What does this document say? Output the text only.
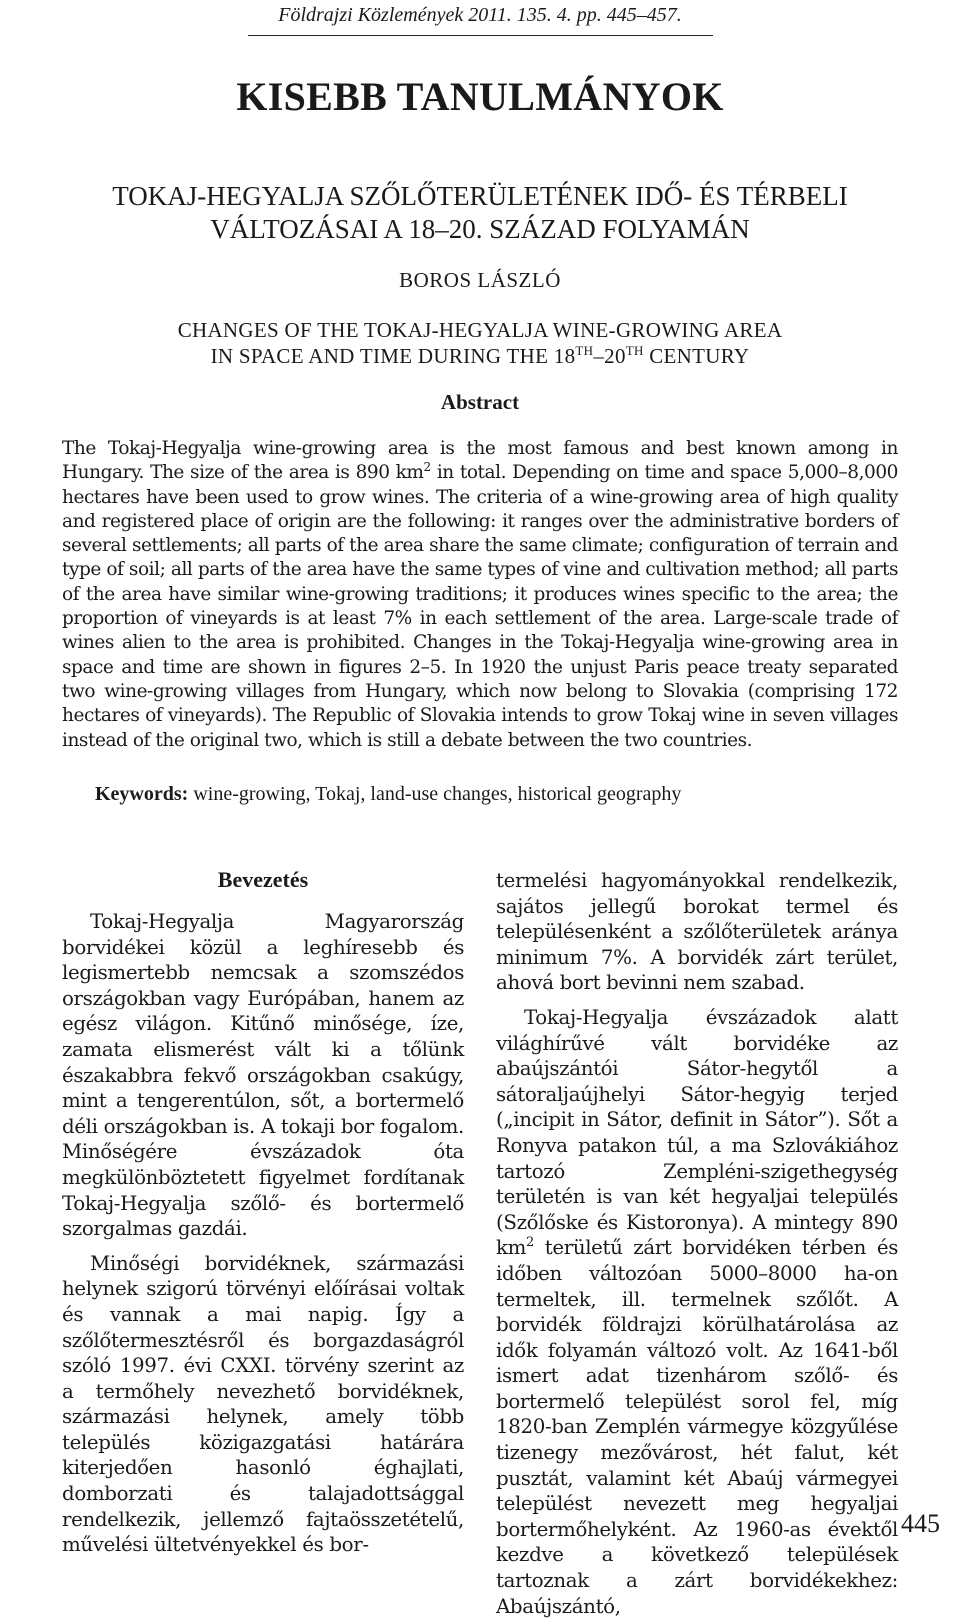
Földrajzi Közlemények 2011. 135. 4. pp. 445–457.
KISEBB TANULMÁNYOK
TOKAJ-HEGYALJA SZŐLŐTERÜLETÉNEK IDŐ- ÉS TÉRBELI
VÁLTOZÁSAI A 18–20. SZÁZAD FOLYAMÁN
BOROS LÁSZLÓ
CHANGES OF THE TOKAJ-HEGYALJA WINE-GROWING AREA
IN SPACE AND TIME DURING THE 18TH–20TH CENTURY
Abstract
The Tokaj-Hegyalja wine-growing area is the most famous and best known among in Hungary. The size of the area is 890 $km^2$ in total. Depending on time and space 5,000–8,000 hectares have been used to grow wines. The criteria of a wine-growing area of high quality and registered place of origin are the following: it ranges over the administrative borders of several settlements; all parts of the area share the same climate; configuration of terrain and type of soil; all parts of the area have the same types of vine and cultivation method; all parts of the area have similar wine-growing traditions; it produces wines specific to the area; the proportion of vineyards is at least 7% in each settlement of the area. Large-scale trade of wines alien to the area is prohibited. Changes in the Tokaj-Hegyalja wine-growing area in space and time are shown in figures 2–5. In 1920 the unjust Paris peace treaty separated two wine-growing villages from Hungary, which now belong to Slovakia (comprising 172 hectares of vineyards). The Republic of Slovakia intends to grow Tokaj wine in seven villages instead of the original two, which is still a debate between the two countries.
Keywords: wine-growing, Tokaj, land-use changes, historical geography
Bevezetés

Tokaj-Hegyalja Magyarország borvidékei közül a leghíresebb és legismertebb nemcsak a szomszédos országokban vagy Európában, hanem az egész világon. Kitűnő minősége, íze, zamata elismerést vált ki a tőlünk északabbra fekvő országokban csakúgy, mint a tengerentúlon, sőt, a bortermelő déli országokban is. A tokaji bor fogalom. Minőségére évszázadok óta megkülönböztetett figyelmet fordítanak Tokaj-Hegyalja szőlő- és bortermelő szorgalmas gazdái.

Minőségi borvidéknek, származási helynek szigorú törvényi előírásai voltak és vannak a mai napig. Így a szőlőtermesztésről és borgazdaságról szóló 1997. évi CXXI. törvény szerint az a termőhely nevezhető borvidéknek, származási helynek, amely több település közigazgatási határára kiterjedően hasonló éghajlati, domborzati és talajadottsággal rendelkezik, jellemző fajtaösszetételű, művelési ültetvényekkel és bor-

termelési hagyományokkal rendelkezik, sajátos jellegű borokat termel és településenként a szőlőterületek aránya minimum 7%. A borvidék zárt terület, ahová bort bevinni nem szabad.

Tokaj-Hegyalja évszázadok alatt világhírűvé vált borvidéke az abaújszántói Sátor-hegytől a sátoraljaújhelyi Sátor-hegyig terjed („incipit in Sátor, definit in Sátor”). Sőt a Ronyva patakon túl, a ma Szlovákiához tartozó Zempléni-szigethegység területén is van két hegyaljai település (Szőlőske és Kistoronya). A mintegy 890 $km^2$ területű zárt borvidéken térben és időben változóan 5000–8000 ha-on termeltek, ill. termelnek szőlőt. A borvidék földrajzi körülhatárolása az idők folyamán változó volt. Az 1641-ből ismert adat tizenhárom szőlő- és bortermelő települést sorol fel, míg 1820-ban Zemplén vármegye közgyűlése tizenegy mezővárost, hét falut, két pusztát, valamint két Abaúj vármegyei települést nevezett meg hegyaljai bortermőhelyként. Az 1960-as évektől kezdve a következő települések tartoznak a zárt borvidékekhez: Abaújszántó,

445
